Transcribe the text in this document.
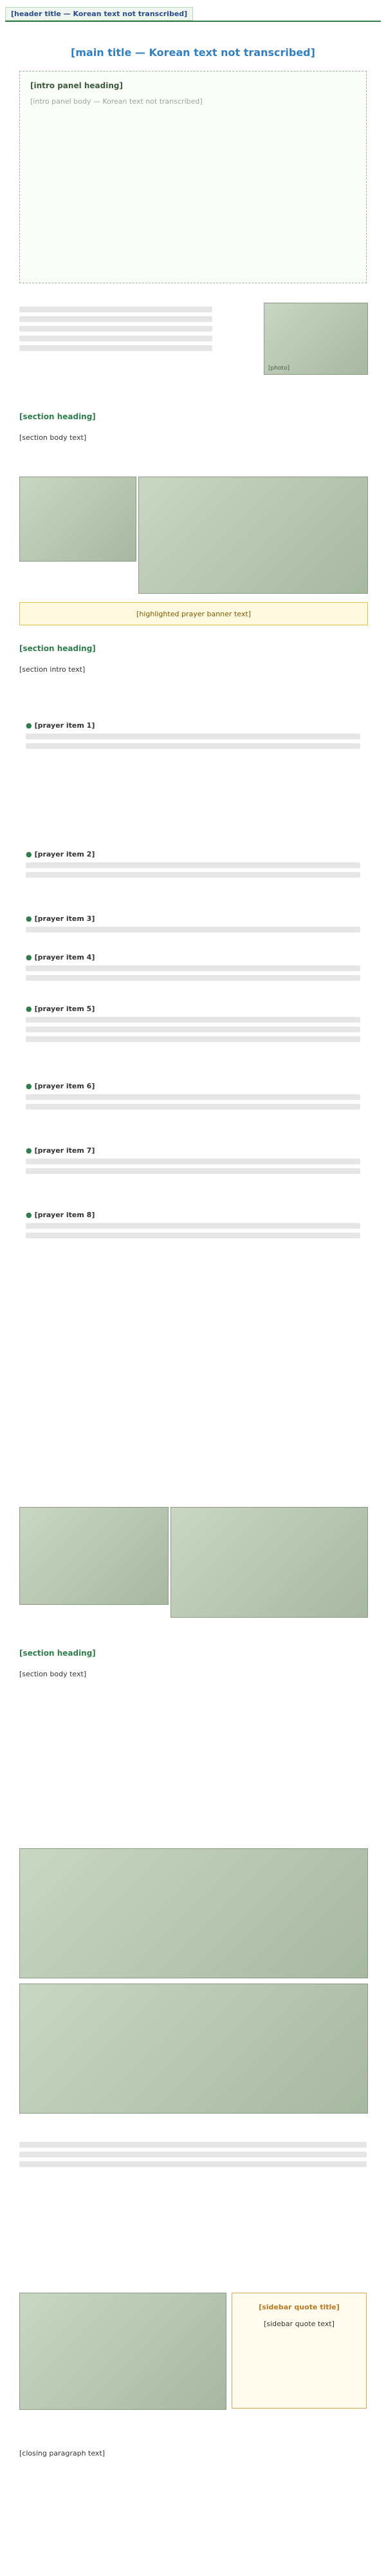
[header title — Korean text not transcribed]
[main title — Korean text not transcribed]
[intro panel heading]
[intro panel body — Korean text not transcribed]
[photo]
[section heading]
[section body text]
[highlighted prayer banner text]
[section heading]
[section intro text]
● [prayer item 1]
● [prayer item 2]
● [prayer item 3]
● [prayer item 4]
● [prayer item 5]
● [prayer item 6]
● [prayer item 7]
● [prayer item 8]
[section heading]
[section body text]
[sidebar quote title]
[sidebar quote text]
[closing paragraph text]
